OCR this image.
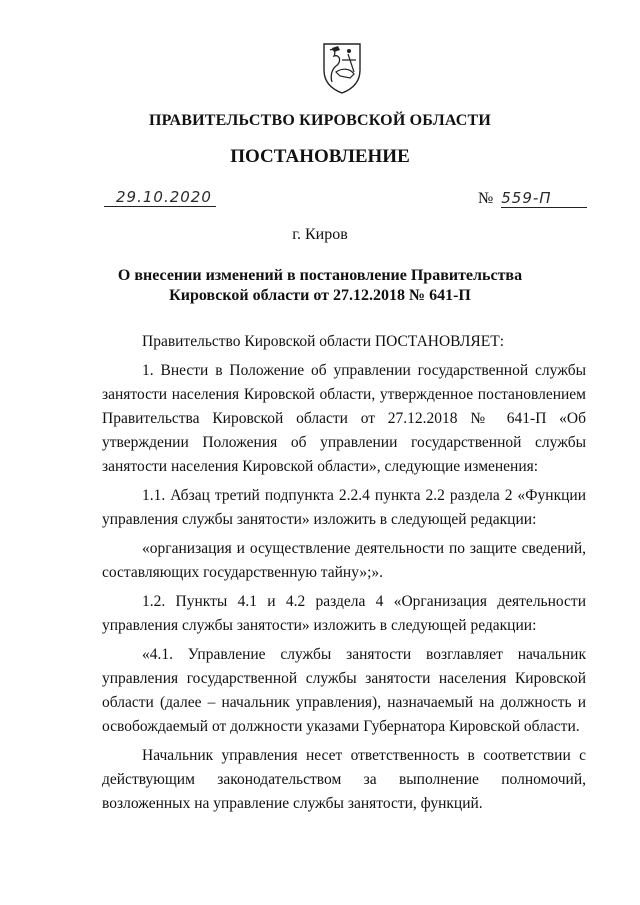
ПРАВИТЕЛЬСТВО КИРОВСКОЙ ОБЛАСТИ
ПОСТАНОВЛЕНИЕ
29.10.2020	№ 559-П
г. Киров
О внесении изменений в постановление Правительства
Кировской области от 27.12.2018 № 641-П

Правительство Кировской области ПОСТАНОВЛЯЕТ:

1. Внести в Положение об управлении государственной службы занятости населения Кировской области, утвержденное постановлением Правительства Кировской области от 27.12.2018 № 641-П «Об утверждении Положения об управлении государственной службы занятости населения Кировской области», следующие изменения:

1.1. Абзац третий подпункта 2.2.4 пункта 2.2 раздела 2 «Функции управления службы занятости» изложить в следующей редакции:

«организация и осуществление деятельности по защите сведений, составляющих государственную тайну»;».

1.2. Пункты 4.1 и 4.2 раздела 4 «Организация деятельности управления службы занятости» изложить в следующей редакции:

«4.1. Управление службы занятости возглавляет начальник управления государственной службы занятости населения Кировской области (далее – начальник управления), назначаемый на должность и освобождаемый от должности указами Губернатора Кировской области.

Начальник управления несет ответственность в соответствии с действующим законодательством за выполнение полномочий, возложенных на управление службы занятости, функций.
